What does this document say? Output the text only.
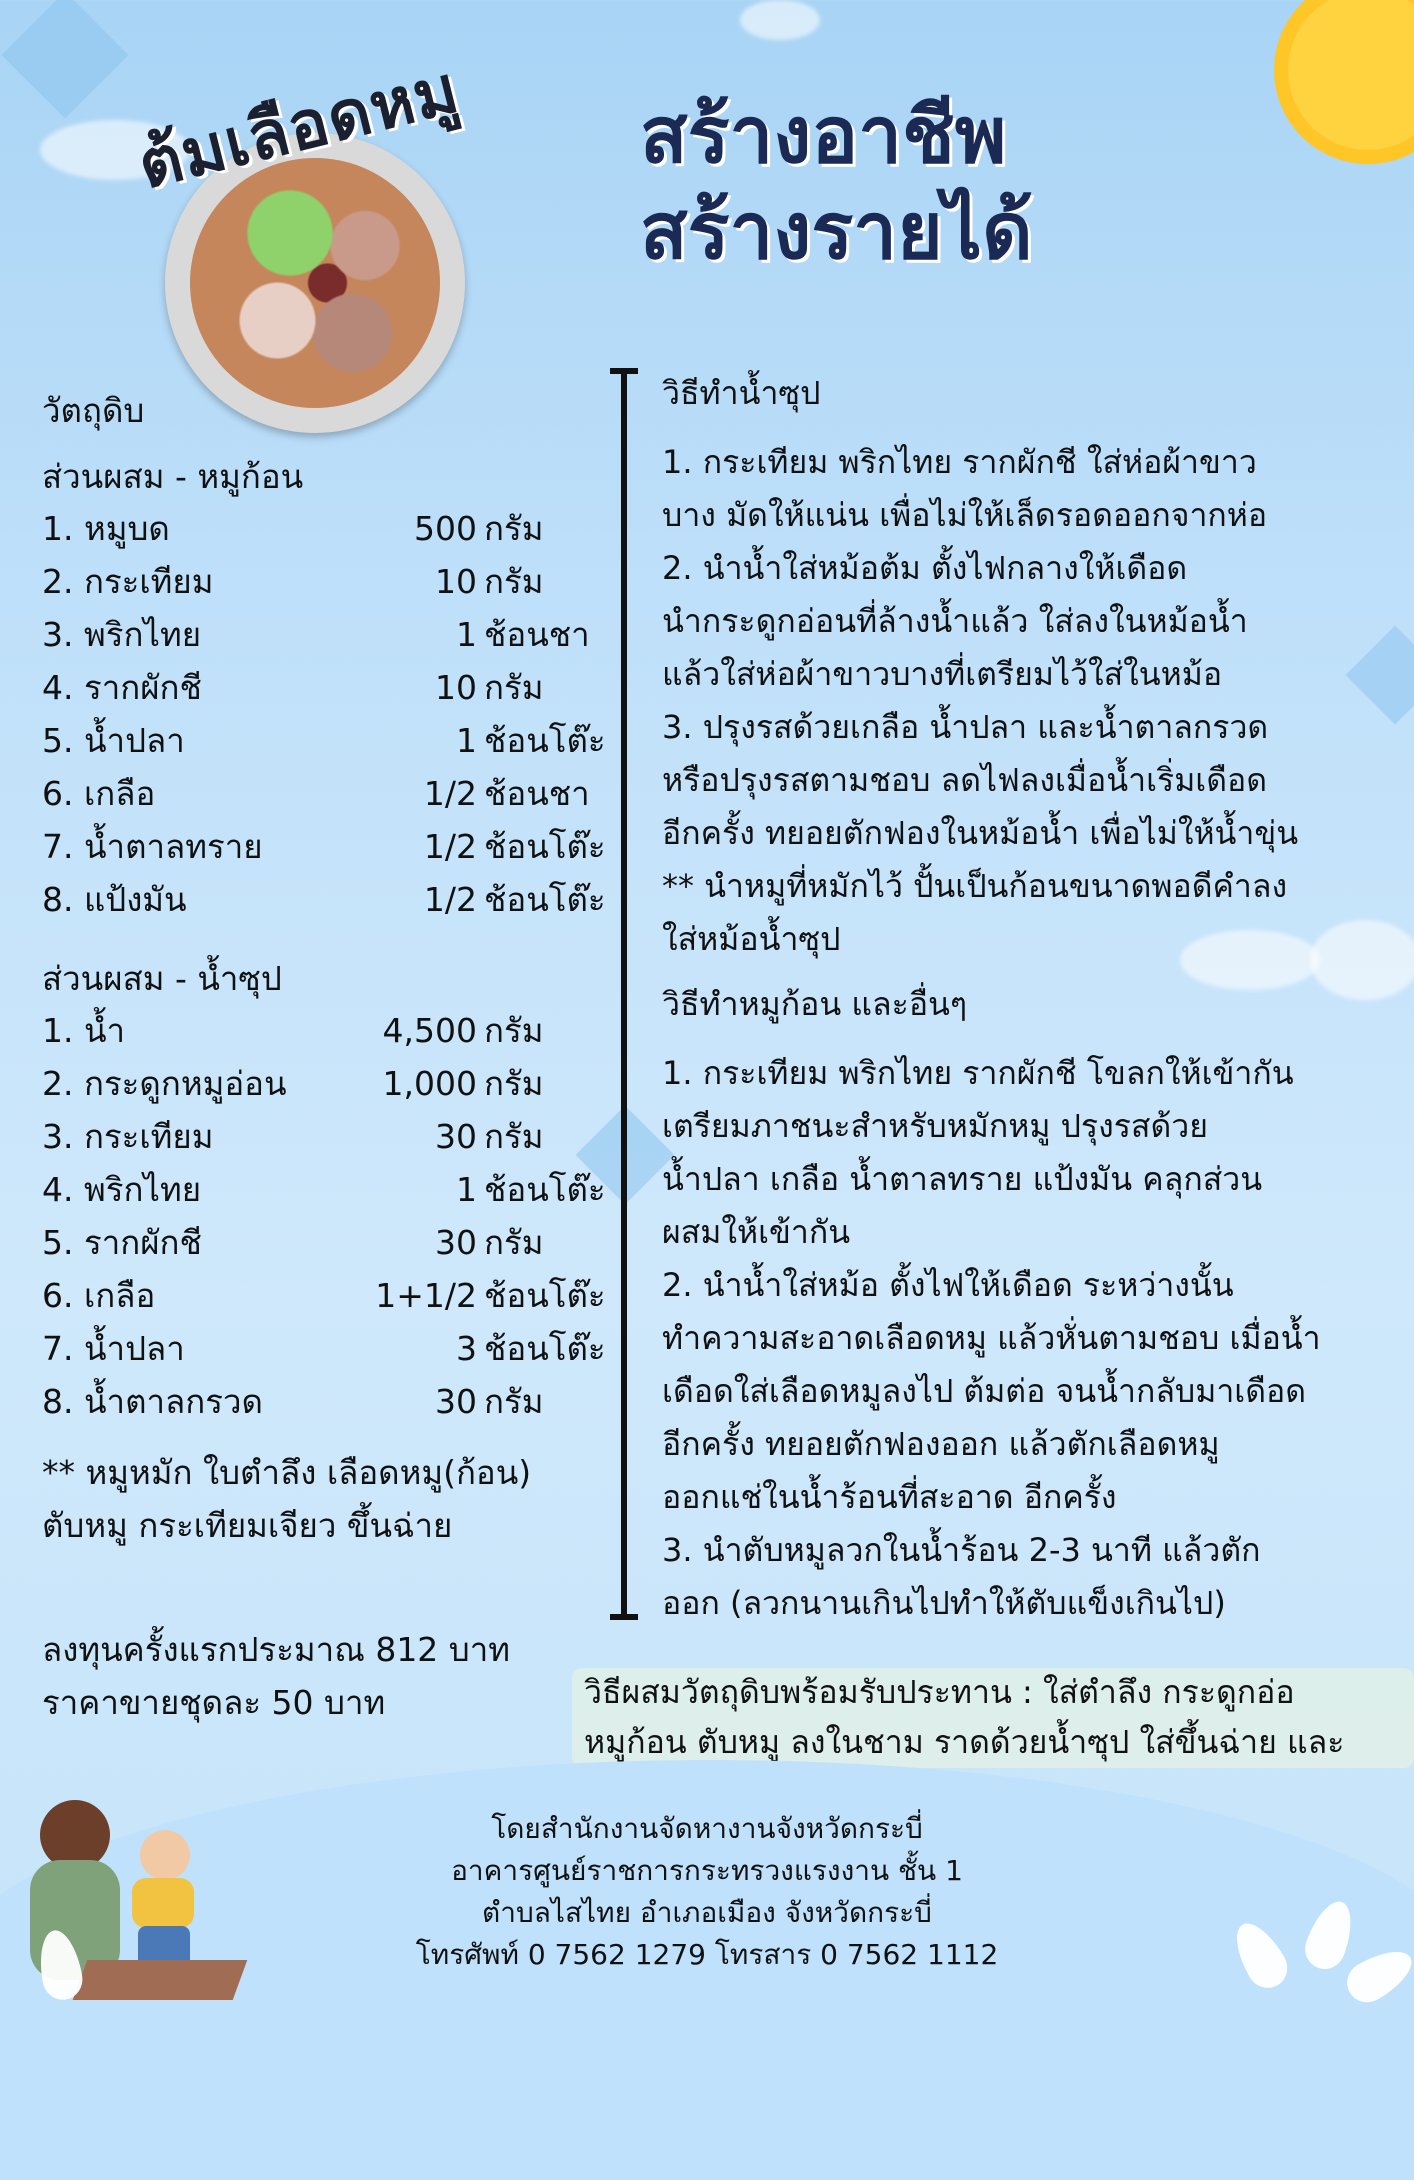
ต้มเลือดหมู	สร้างอาชีพ
สร้างรายได้
วัตถุดิบ
ส่วนผสม - หมูก้อน
1. หมูบด	500 กรัม
2. กระเทียม	10 กรัม
3. พริกไทย	1 ช้อนชา
4. รากผักชี	10 กรัม
5. น้ำปลา	1 ช้อนโต๊ะ
6. เกลือ	1/2 ช้อนชา
7. น้ำตาลทราย	1/2 ช้อนโต๊ะ
8. แป้งมัน	1/2 ช้อนโต๊ะ
ส่วนผสม - น้ำซุป
1. น้ำ	4,500 กรัม
2. กระดูกหมูอ่อน	1,000 กรัม
3. กระเทียม	30 กรัม
4. พริกไทย	1 ช้อนโต๊ะ
5. รากผักชี	30 กรัม
6. เกลือ	1+1/2 ช้อนโต๊ะ
7. น้ำปลา	3 ช้อนโต๊ะ
8. น้ำตาลกรวด	30 กรัม
** หมูหมัก ใบตำลึง เลือดหมู(ก้อน)
ตับหมู กระเทียมเจียว ขึ้นฉ่าย
ลงทุนครั้งแรกประมาณ 812 บาท
ราคาขายชุดละ 50 บาท
วิธีทำน้ำซุป
1. กระเทียม พริกไทย รากผักชี ใส่ห่อผ้าขาว
บาง มัดให้แน่น เพื่อไม่ให้เล็ดรอดออกจากห่อ
2. นำน้ำใส่หม้อต้ม ตั้งไฟกลางให้เดือด
นำกระดูกอ่อนที่ล้างน้ำแล้ว ใส่ลงในหม้อน้ำ
แล้วใส่ห่อผ้าขาวบางที่เตรียมไว้ใส่ในหม้อ
3. ปรุงรสด้วยเกลือ น้ำปลา และน้ำตาลกรวด
หรือปรุงรสตามชอบ ลดไฟลงเมื่อน้ำเริ่มเดือด
อีกครั้ง ทยอยตักฟองในหม้อน้ำ เพื่อไม่ให้น้ำขุ่น
** นำหมูที่หมักไว้ ปั้นเป็นก้อนขนาดพอดีคำลง
ใส่หม้อน้ำซุป
วิธีทำหมูก้อน และอื่นๆ
1. กระเทียม พริกไทย รากผักชี โขลกให้เข้ากัน
เตรียมภาชนะสำหรับหมักหมู ปรุงรสด้วย
น้ำปลา เกลือ น้ำตาลทราย แป้งมัน คลุกส่วน
ผสมให้เข้ากัน
2. นำน้ำใส่หม้อ ตั้งไฟให้เดือด ระหว่างนั้น
ทำความสะอาดเลือดหมู แล้วหั่นตามชอบ เมื่อน้ำ
เดือดใส่เลือดหมูลงไป ต้มต่อ จนน้ำกลับมาเดือด
อีกครั้ง ทยอยตักฟองออก แล้วตักเลือดหมู
ออกแช่ในน้ำร้อนที่สะอาด อีกครั้ง
3. นำตับหมูลวกในน้ำร้อน 2-3 นาที แล้วตัก
ออก (ลวกนานเกินไปทำให้ตับแข็งเกินไป)
วิธีผสมวัตถุดิบพร้อมรับประทาน : ใส่ตำลึง กระดูกอ่อ
หมูก้อน ตับหมู ลงในชาม ราดด้วยน้ำซุป ใส่ขึ้นฉ่าย และ
โดยสำนักงานจัดหางานจังหวัดกระบี่
อาคารศูนย์ราชการกระทรวงแรงงาน ชั้น 1
ตำบลไสไทย อำเภอเมือง จังหวัดกระบี่
โทรศัพท์ 0 7562 1279 โทรสาร 0 7562 1112
